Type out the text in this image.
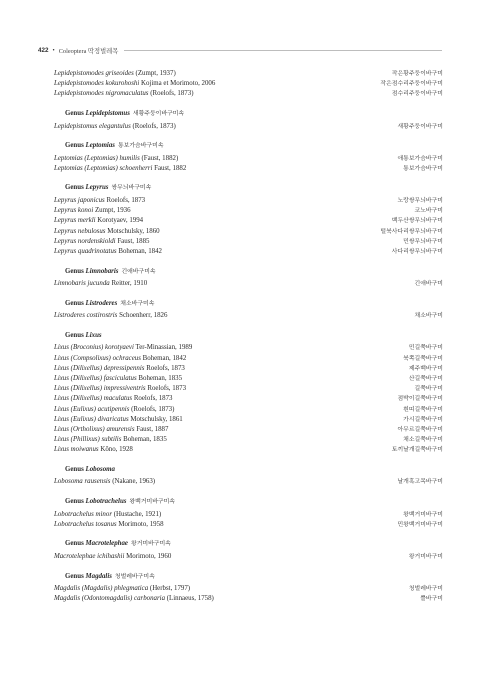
422 • Coleoptera 딱정벌레목
Lepidepistomodes griseoides (Zumpt, 1937)	작은황주둥이바구미
Lepidepistomodes kokurohoshi Kojima et Morimoto, 2006	작은점수리주둥이바구미
Lepidepistomodes nigromaculatus (Roelofs, 1873)	점수리주둥이바구미
Genus Lepidepistomus 새황주둥이바구미속
Lepidepistomus elegantulus (Roelofs, 1873)	새황주둥이바구미
Genus Leptomias 통보가슴바구미속
Leptomias (Leptomias) humilis (Faust, 1882)	애통보가슴바구미
Leptomias (Leptomias) schoenherri Faust, 1882	통보가슴바구미
Genus Lepyrus 쌍무늬바구미속
Lepyrus japonicus Roelofs, 1873	노랑쌍무늬바구미
Lepyrus konoi Zumpt, 1936	코노바구미
Lepyrus merkli Korotyaev, 1994	백두산쌍무늬바구미
Lepyrus nebulosus Motschulsky, 1860	털북사다리쌍무늬바구미
Lepyrus nordenskioldi Faust, 1885	민쌍무늬바구미
Lepyrus quadrinotatus Boheman, 1842	사다리쌍무늬바구미
Genus Limnobaris 긴애바구미속
Limnobaris jucunda Reitter, 1910	긴애바구미
Genus Listroderes 채소바구미속
Listroderes costirostris Schoenherr, 1826	채소바구미
Genus Lixus
Lixus (Broconius) korotyaevi Ter-Minassian, 1989	민길쭉바구미
Lixus (Compsolixus) ochraceus Boheman, 1842	북쪽길쭉바구미
Lixus (Dilixellus) depressipennis Roelofs, 1873	제주백바구미
Lixus (Dilixellus) fasciculatus Boheman, 1835	산길쭉바구미
Lixus (Dilixellus) impressiventris Roelofs, 1873	길쭉바구미
Lixus (Dilixellus) maculatus Roelofs, 1873	점박이길쭉바구미
Lixus (Eulixus) acutipennis (Roelofs, 1873)	흰띠길쭉바구미
Lixus (Eulixus) divaricatus Motschulsky, 1861	가시길쭉바구미
Lixus (Ortholixus) amurensis Faust, 1887	아무르길쭉바구미
Lixus (Phillixus) subtilis Boheman, 1835	채소길쭉바구미
Lixus moiwanus Kôno, 1928	토끼날개길쭉바구미
Genus Lobosoma
Lobosoma rausensis (Nakane, 1963)	날개혹고목바구미
Genus Lobotrachelus 왕백거미바구미속
Lobotrachelus minor (Hustache, 1921)	왕백거미바구미
Lobotrachelus tosanus Morimoto, 1958	민왕백거미바구미
Genus Macrotelephae 왕거미바구미속
Macrotelephae ichihashii Morimoto, 1960	왕거미바구미
Genus Magdalis 청벌레바구미속
Magdalis (Magdalis) phlegmatica (Herbst, 1797)	청벌레바구미
Magdalis (Odontomagdalis) carbonaria (Linnaeus, 1758)	쁠바구미
